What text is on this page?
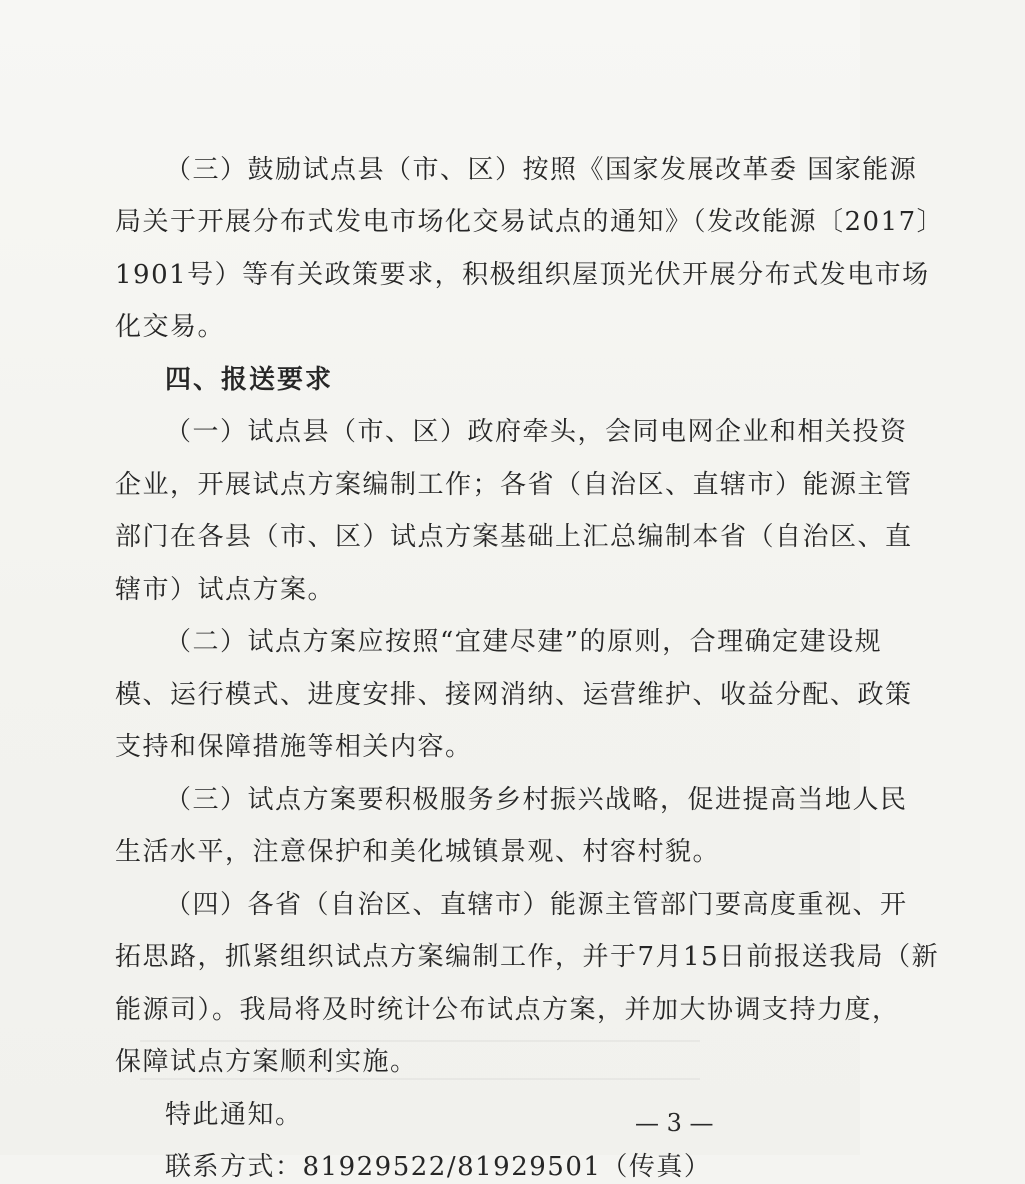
（三）鼓励试点县（市、区）按照《国家发展改革委 国家能源

局关于开展分布式发电市场化交易试点的通知》（发改能源〔2017〕

1901号）等有关政策要求，积极组织屋顶光伏开展分布式发电市场

化交易。

四、报送要求

（一）试点县（市、区）政府牵头，会同电网企业和相关投资

企业，开展试点方案编制工作；各省（自治区、直辖市）能源主管

部门在各县（市、区）试点方案基础上汇总编制本省（自治区、直

辖市）试点方案。

（二）试点方案应按照“宜建尽建”的原则，合理确定建设规

模、运行模式、进度安排、接网消纳、运营维护、收益分配、政策

支持和保障措施等相关内容。

（三）试点方案要积极服务乡村振兴战略，促进提高当地人民

生活水平，注意保护和美化城镇景观、村容村貌。

（四）各省（自治区、直辖市）能源主管部门要高度重视、开

拓思路，抓紧组织试点方案编制工作，并于7月15日前报送我局（新

能源司）。我局将及时统计公布试点方案，并加大协调支持力度，

保障试点方案顺利实施。

特此通知。

联系方式：81929522/81929501（传真）

— 3 —
